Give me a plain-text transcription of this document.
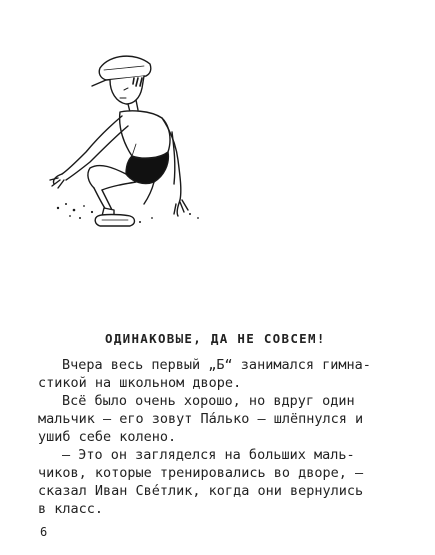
ОДИНАКОВЫЕ, ДА НЕ СОВСЕМ!
Вчера весь первый „Б“ занимался гимна-
стикой на школьном дворе.
Всё было очень хорошо, но вдруг один
мальчик — его зовут Па́лько — шлёпнулся и
ушиб себе колено.
— Это он загляделся на больших маль-
чиков, которые тренировались во дворе, —
сказал Иван Све́тлик, когда они вернулись
в класс.
6
